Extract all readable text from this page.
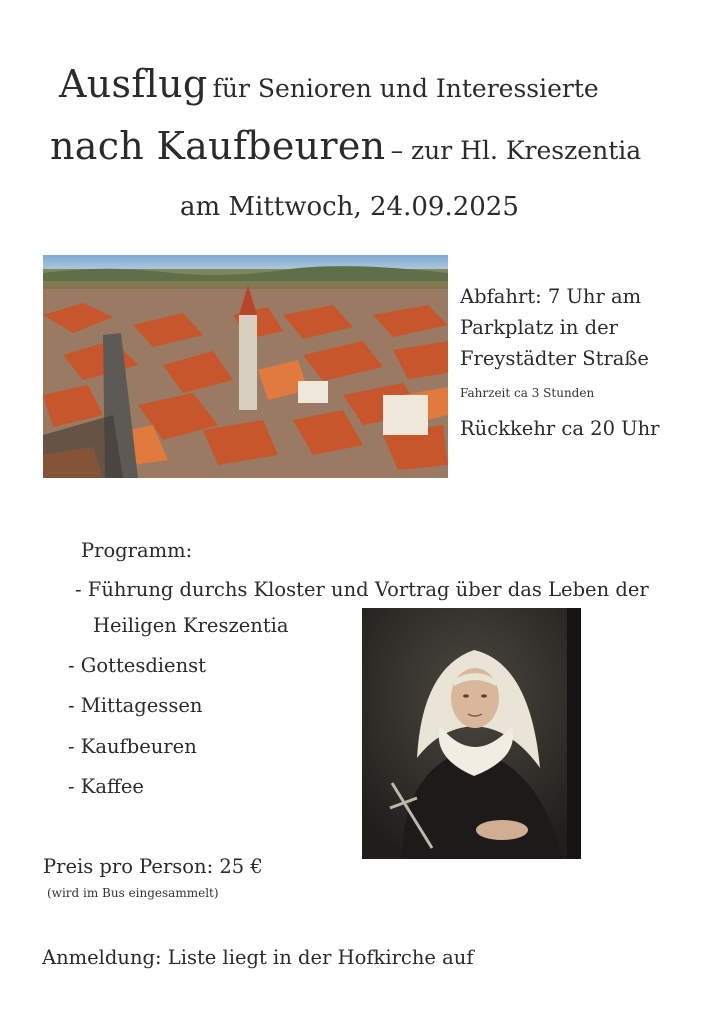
Ausflug für Senioren und Interessierte
nach Kaufbeuren – zur Hl. Kreszentia
am Mittwoch, 24.09.2025
Abfahrt: 7 Uhr am
Parkplatz in der
Freystädter Straße
Fahrzeit ca 3 Stunden
Rückkehr ca 20 Uhr
Programm:
- Führung durchs Kloster und Vortrag über das Leben der
Heiligen Kreszentia
- Gottesdienst
- Mittagessen
- Kaufbeuren
- Kaffee
Preis pro Person: 25 €
(wird im Bus eingesammelt)
Anmeldung: Liste liegt in der Hofkirche auf
